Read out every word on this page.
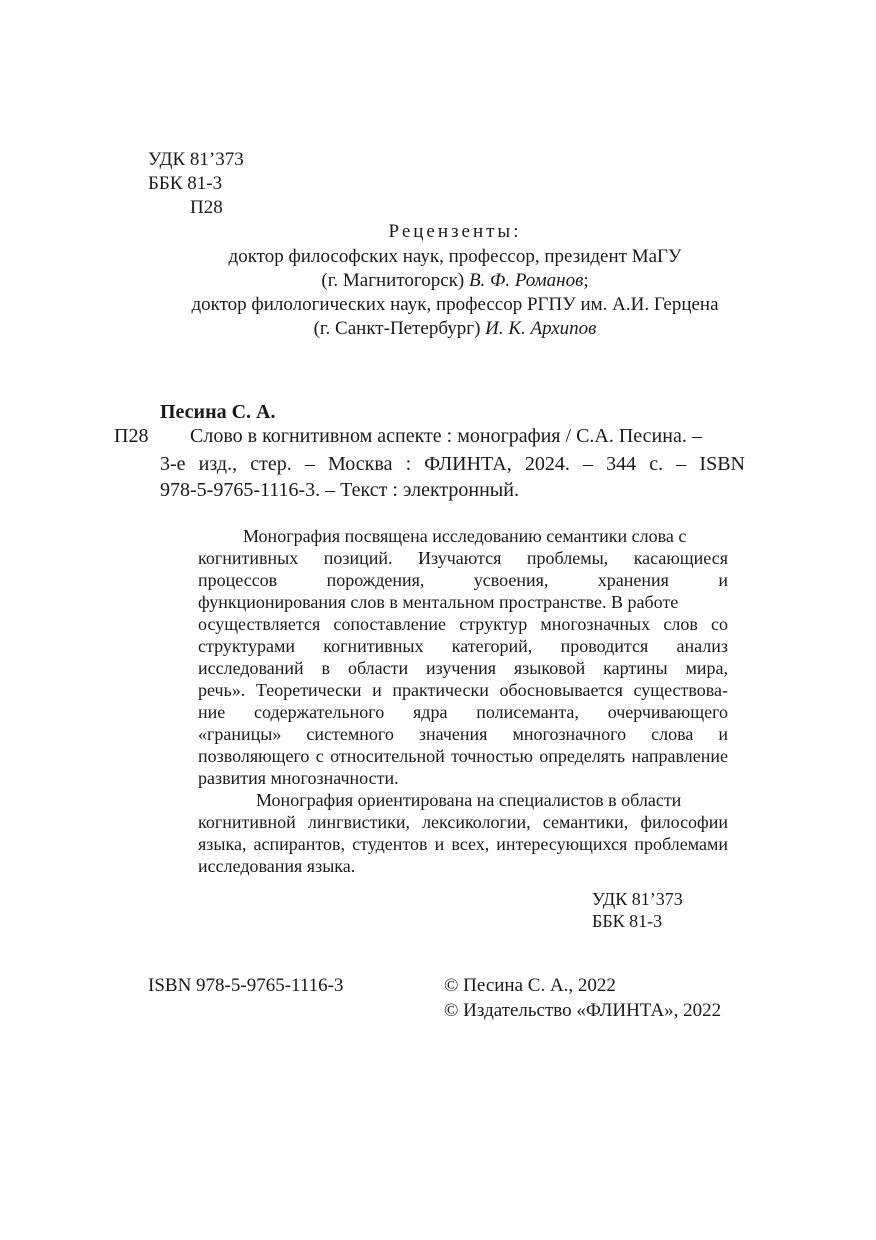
УДК 81’373
ББК 81-3
П28
Рецензенты:
доктор философских наук, профессор, президент МаГУ
(г. Магнитогорск) В. Ф. Романов;
доктор филологических наук, профессор РГПУ им. А.И. Герцена
(г. Санкт-Петербург) И. К. Архипов
Песина С. А.
П28 Слово в когнитивном аспекте : монография / С.А. Песина. –
3-е изд., стер. – Москва : ФЛИНТА, 2024. – 344 с. – ISBN
978-5-9765-1116-3. – Текст : электронный.
Монография посвящена исследованию семантики слова с
когнитивных позиций. Изучаются проблемы, касающиеся
процессов порождения, усвоения, хранения и
функционирования слов в ментальном пространстве. В работе
осуществляется сопоставление структур многозначных слов со
структурами когнитивных категорий, проводится анализ
исследований в области изучения языковой картины мира,
речь». Теоретически и практически обосновывается существова-
ние содержательного ядра полисеманта, очерчивающего
«границы» системного значения многозначного слова и
позволяющего с относительной точностью определять направление
развития многозначности.
Монография ориентирована на специалистов в области
когнитивной лингвистики, лексикологии, семантики, философии
языка, аспирантов, студентов и всех, интересующихся проблемами
исследования языка.
УДК 81’373
ББК 81-3
ISBN 978-5-9765-1116-3	© Песина С. А., 2022
© Издательство «ФЛИНТА», 2022
